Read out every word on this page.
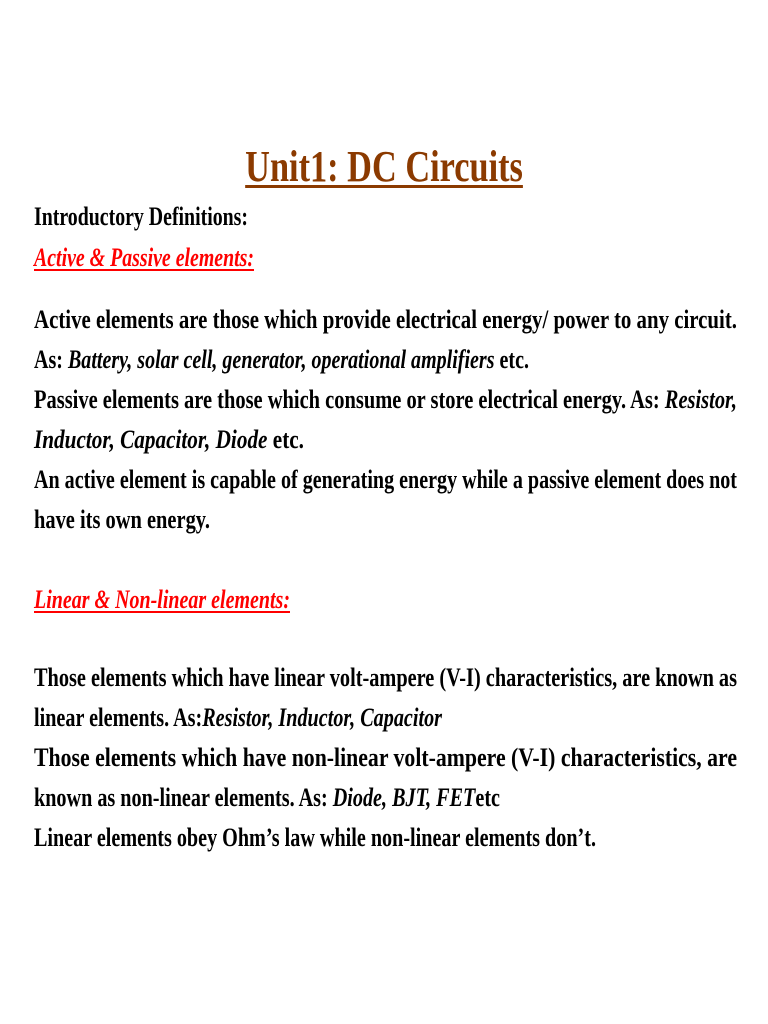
Unit1: DC Circuits
Introductory Definitions:
Active & Passive elements:
Active elements are those which provide electrical energy/ power to any circuit.
As: Battery, solar cell, generator, operational amplifiers etc.
Passive elements are those which consume or store electrical energy. As: Resistor,
Inductor, Capacitor, Diode etc.
An active element is capable of generating energy while a passive element does not
have its own energy.
Linear & Non-linear elements:
Those elements which have linear volt-ampere (V-I) characteristics, are known as
linear elements. As:Resistor, Inductor, Capacitor
Those elements which have non-linear volt-ampere (V-I) characteristics, are
known as non-linear elements. As: Diode, BJT, FETetc
Linear elements obey Ohm’s law while non-linear elements don’t.
